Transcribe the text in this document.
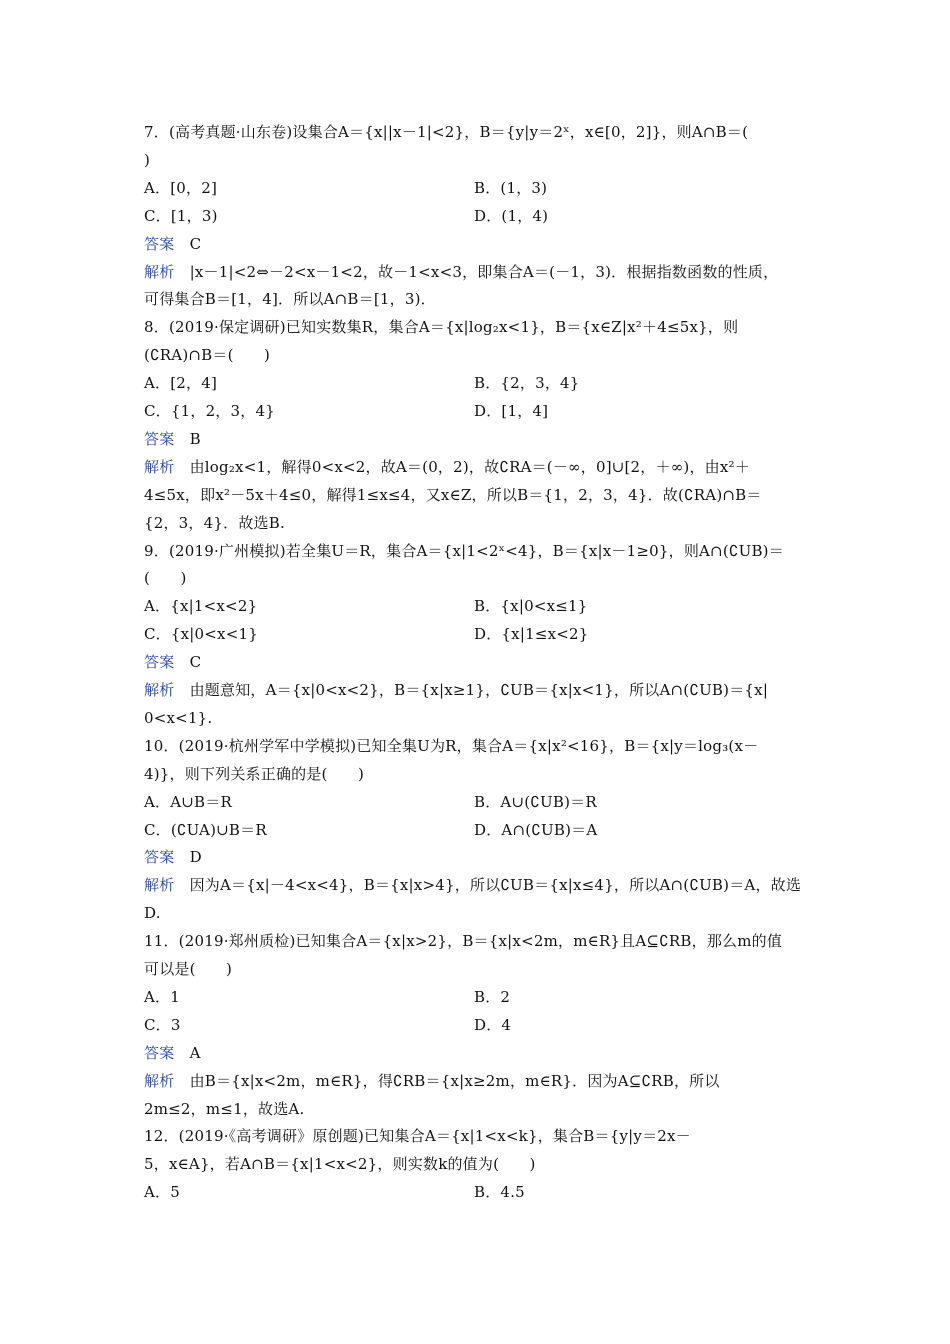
7．(高考真题·山东卷)设集合A＝{x||x－1|<2}，B＝{y|y＝2ˣ，x∈[0，2]}，则A∩B＝(
)
A．[0，2]	B．(1，3)
C．[1，3)	D．(1，4)
答案　C
解析　|x－1|<2⇔－2<x－1<2，故－1<x<3，即集合A＝(－1，3)．根据指数函数的性质，
可得集合B＝[1，4]．所以A∩B＝[1，3)．
8．(2019·保定调研)已知实数集R，集合A＝{x|log₂x<1}，B＝{x∈Z|x²＋4≤5x}，则
(∁RA)∩B＝(　　)
A．[2，4]	B．{2，3，4}
C．{1，2，3，4}	D．[1，4]
答案　B
解析　由log₂x<1，解得0<x<2，故A＝(0，2)，故∁RA＝(－∞，0]∪[2，＋∞)，由x²＋
4≤5x，即x²－5x＋4≤0，解得1≤x≤4，又x∈Z，所以B＝{1，2，3，4}．故(∁RA)∩B＝
{2，3，4}．故选B.
9．(2019·广州模拟)若全集U＝R，集合A＝{x|1<2ˣ<4}，B＝{x|x－1≥0}，则A∩(∁UB)＝
(　　)
A．{x|1<x<2}	B．{x|0<x≤1}
C．{x|0<x<1}	D．{x|1≤x<2}
答案　C
解析　由题意知，A＝{x|0<x<2}，B＝{x|x≥1}，∁UB＝{x|x<1}，所以A∩(∁UB)＝{x|
0<x<1}.
10．(2019·杭州学军中学模拟)已知全集U为R，集合A＝{x|x²<16}，B＝{x|y＝log₃(x－
4)}，则下列关系正确的是(　　)
A．A∪B＝R	B．A∪(∁UB)＝R
C．(∁UA)∪B＝R	D．A∩(∁UB)＝A
答案　D
解析　因为A＝{x|－4<x<4}，B＝{x|x>4}，所以∁UB＝{x|x≤4}，所以A∩(∁UB)＝A，故选
D.
11．(2019·郑州质检)已知集合A＝{x|x>2}，B＝{x|x<2m，m∈R}且A⊆∁RB，那么m的值
可以是(　　)
A．1	B．2
C．3	D．4
答案　A
解析　由B＝{x|x<2m，m∈R}，得∁RB＝{x|x≥2m，m∈R}．因为A⊆∁RB，所以
2m≤2，m≤1，故选A.
12．(2019·《高考调研》原创题)已知集合A＝{x|1<x<k}，集合B＝{y|y＝2x－
5，x∈A}，若A∩B＝{x|1<x<2}，则实数k的值为(　　)
A．5	B．4.5
